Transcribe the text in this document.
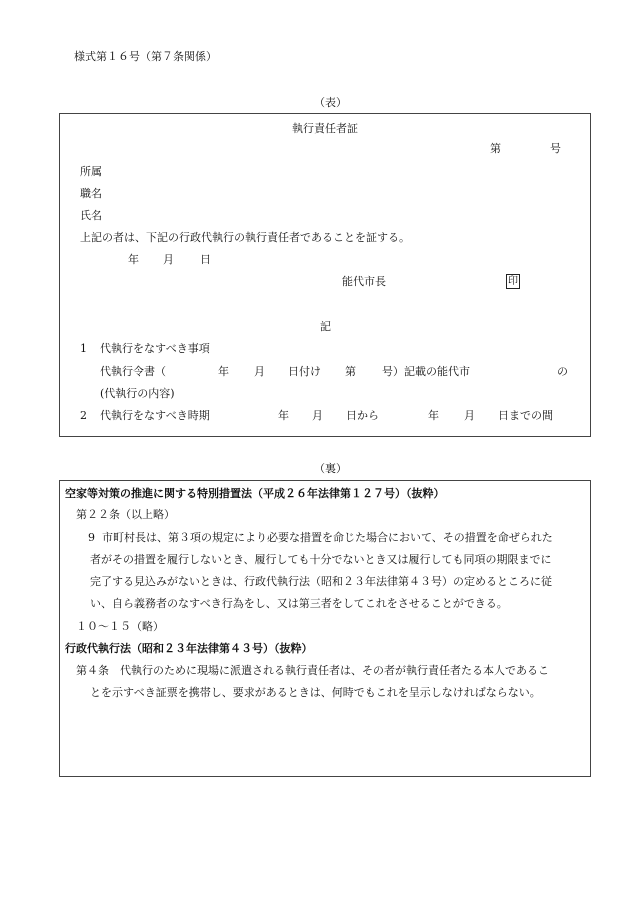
様式第１６号（第７条関係）
（表）
執行責任者証
第	号
所属
職名
氏名
上記の者は、下記の行政代執行の執行責任者であることを証する。
年 月 日
能代市長	印
記
1 代執行をなすべき事項
代執行令書（	年 月 日付け 第 号）記載の能代市	の
(代執行の内容)
2 代執行をなすべき時期	年 月 日から	年 月 日までの間
（裏）
空家等対策の推進に関する特別措置法（平成２６年法律第１２７号）（抜粋）
第２２条（以上略）
9 市町村長は、第３項の規定により必要な措置を命じた場合において、その措置を命ぜられた
者がその措置を履行しないとき、履行しても十分でないとき又は履行しても同項の期限までに
完了する見込みがないときは、行政代執行法（昭和２３年法律第４３号）の定めるところに従
い、自ら義務者のなすべき行為をし、又は第三者をしてこれをさせることができる。
１０～１５（略）
行政代執行法（昭和２３年法律第４３号）（抜粋）
第４条　代執行のために現場に派遣される執行責任者は、その者が執行責任者たる本人であるこ
とを示すべき証票を携帯し、要求があるときは、何時でもこれを呈示しなければならない。
